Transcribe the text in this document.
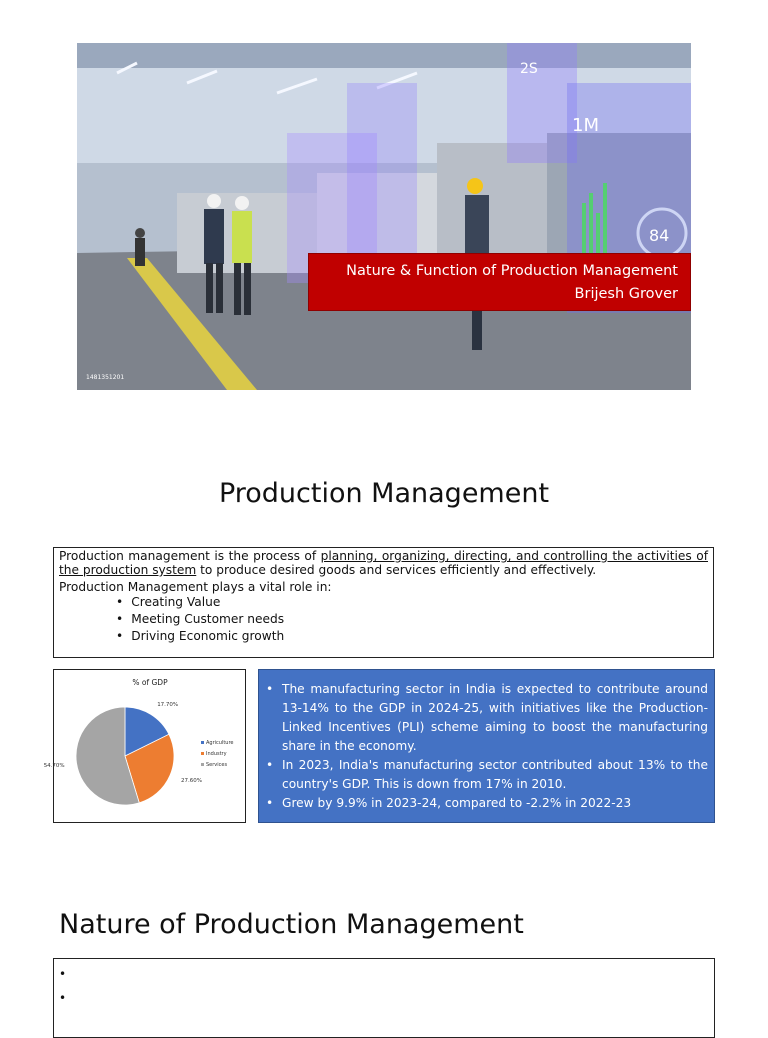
2S
1M
84
Nature & Function of Production Management
Brijesh Grover
1481351201
Production Management
Production management is the process of planning, organizing, directing, and controlling the activities of the production system to produce desired goods and services efficiently and effectively.
Production Management plays a vital role in:
• Creating Value
• Meeting Customer needs
• Driving Economic growth
% of GDP
17.70%
27.60%
54.70%
Agriculture
Industry
Services
• The manufacturing sector in India is expected to contribute around 13-14% to the GDP in 2024-25, with initiatives like the Production-Linked Incentives (PLI) scheme aiming to boost the manufacturing share in the economy.
• In 2023, India's manufacturing sector contributed about 13% to the country's GDP. This is down from 17% in 2010.
• Grew by 9.9% in 2023-24, compared to -2.2% in 2022-23
Nature of Production Management
•
•
